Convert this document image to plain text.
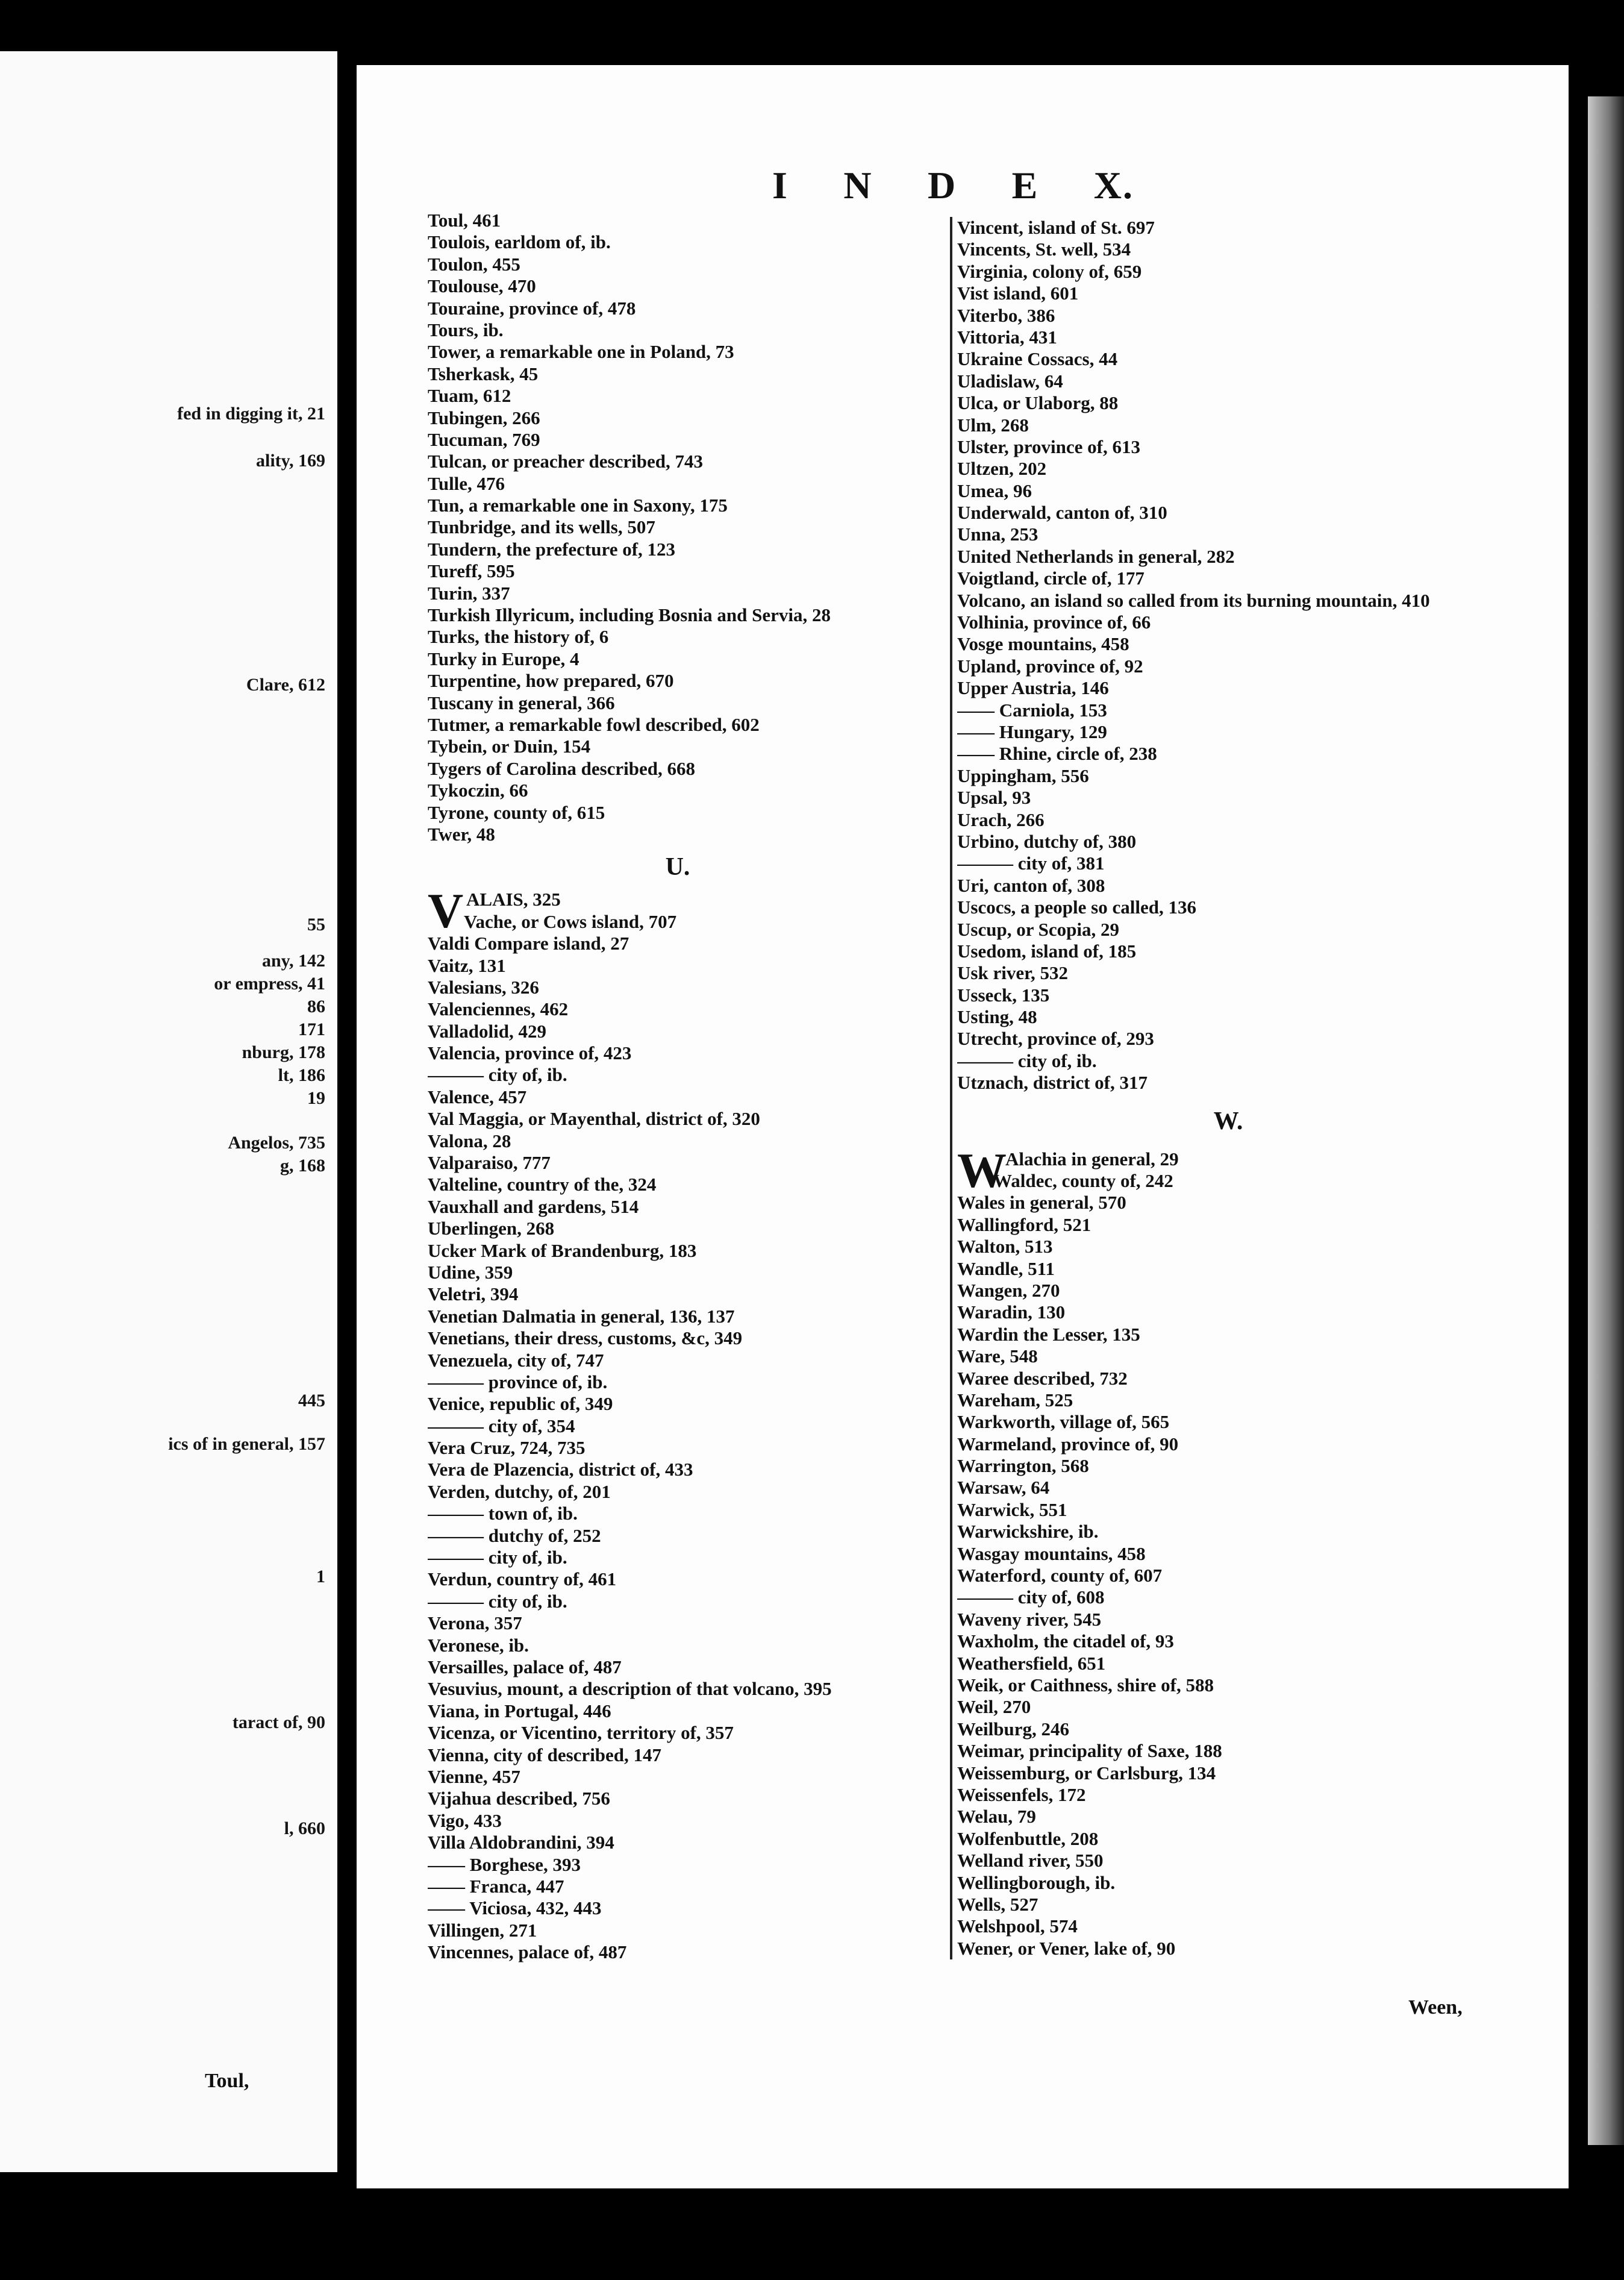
fed in digging it, 21
ality, 169
Clare, 612
55
any, 142
or empress, 41
86
171
nburg, 178
lt, 186
19
Angelos, 735
g, 168
445
ics of in general, 157
1
taract of, 90
l, 660
Toul,
I N D E X.
Toul, 461
Toulois, earldom of, ib.
Toulon, 455
Toulouse, 470
Touraine, province of, 478
Tours, ib.
Tower, a remarkable one in Poland, 73
Tsherkask, 45
Tuam, 612
Tubingen, 266
Tucuman, 769
Tulcan, or preacher described, 743
Tulle, 476
Tun, a remarkable one in Saxony, 175
Tunbridge, and its wells, 507
Tundern, the prefecture of, 123
Tureff, 595
Turin, 337
Turkish Illyricum, including Bosnia and Servia, 28
Turks, the history of, 6
Turky in Europe, 4
Turpentine, how prepared, 670
Tuscany in general, 366
Tutmer, a remarkable fowl described, 602
Tybein, or Duin, 154
Tygers of Carolina described, 668
Tykoczin, 66
Tyrone, county of, 615
Twer, 48
U.
V ALAIS, 325
Vache, or Cows island, 707
Valdi Compare island, 27
Vaitz, 131
Valesians, 326
Valenciennes, 462
Valladolid, 429
Valencia, province of, 423
——— city of, ib.
Valence, 457
Val Maggia, or Mayenthal, district of, 320
Valona, 28
Valparaiso, 777
Valteline, country of the, 324
Vauxhall and gardens, 514
Uberlingen, 268
Ucker Mark of Brandenburg, 183
Udine, 359
Veletri, 394
Venetian Dalmatia in general, 136, 137
Venetians, their dress, customs, &c, 349
Venezuela, city of, 747
——— province of, ib.
Venice, republic of, 349
——— city of, 354
Vera Cruz, 724, 735
Vera de Plazencia, district of, 433
Verden, dutchy, of, 201
——— town of, ib.
——— dutchy of, 252
——— city of, ib.
Verdun, country of, 461
——— city of, ib.
Verona, 357
Veronese, ib.
Versailles, palace of, 487
Vesuvius, mount, a description of that volcano, 395
Viana, in Portugal, 446
Vicenza, or Vicentino, territory of, 357
Vienna, city of described, 147
Vienne, 457
Vijahua described, 756
Vigo, 433
Villa Aldobrandini, 394
—— Borghese, 393
—— Franca, 447
—— Viciosa, 432, 443
Villingen, 271
Vincennes, palace of, 487
Vincent, island of St. 697
Vincents, St. well, 534
Virginia, colony of, 659
Vist island, 601
Viterbo, 386
Vittoria, 431
Ukraine Cossacs, 44
Uladislaw, 64
Ulca, or Ulaborg, 88
Ulm, 268
Ulster, province of, 613
Ultzen, 202
Umea, 96
Underwald, canton of, 310
Unna, 253
United Netherlands in general, 282
Voigtland, circle of, 177
Volcano, an island so called from its burning mountain, 410
Volhinia, province of, 66
Vosge mountains, 458
Upland, province of, 92
Upper Austria, 146
—— Carniola, 153
—— Hungary, 129
—— Rhine, circle of, 238
Uppingham, 556
Upsal, 93
Urach, 266
Urbino, dutchy of, 380
——— city of, 381
Uri, canton of, 308
Uscocs, a people so called, 136
Uscup, or Scopia, 29
Usedom, island of, 185
Usk river, 532
Usseck, 135
Usting, 48
Utrecht, province of, 293
——— city of, ib.
Utznach, district of, 317
W.
W
Alachia in general, 29
Waldec, county of, 242
Wales in general, 570
Wallingford, 521
Walton, 513
Wandle, 511
Wangen, 270
Waradin, 130
Wardin the Lesser, 135
Ware, 548
Waree described, 732
Wareham, 525
Warkworth, village of, 565
Warmeland, province of, 90
Warrington, 568
Warsaw, 64
Warwick, 551
Warwickshire, ib.
Wasgay mountains, 458
Waterford, county of, 607
——— city of, 608
Waveny river, 545
Waxholm, the citadel of, 93
Weathersfield, 651
Weik, or Caithness, shire of, 588
Weil, 270
Weilburg, 246
Weimar, principality of Saxe, 188
Weissemburg, or Carlsburg, 134
Weissenfels, 172
Welau, 79
Wolfenbuttle, 208
Welland river, 550
Wellingborough, ib.
Wells, 527
Welshpool, 574
Wener, or Vener, lake of, 90
Ween,
